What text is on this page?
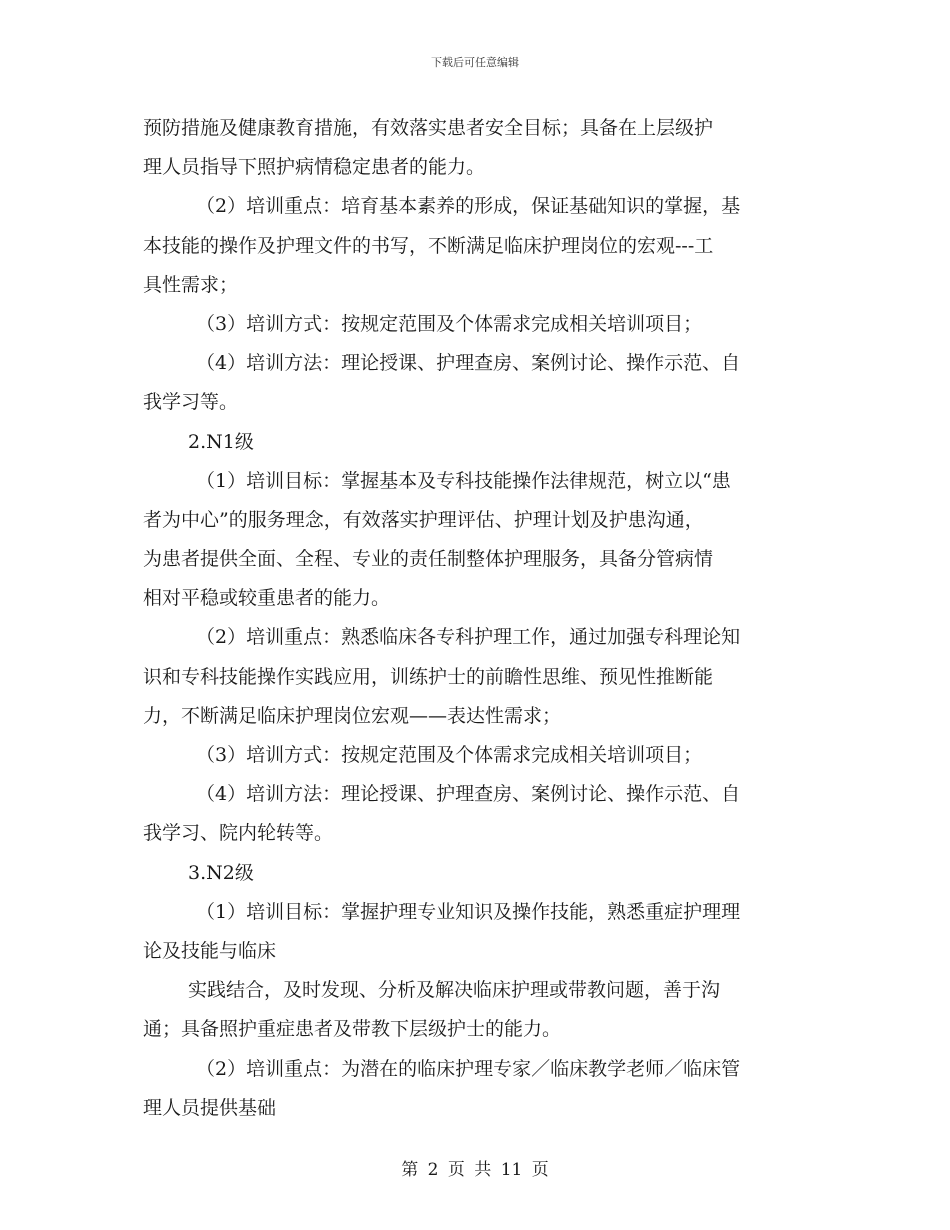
下载后可任意编辑
预防措施及健康教育措施，有效落实患者安全目标；具备在上层级护
理人员指导下照护病情稳定患者的能力。
（2）培训重点：培育基本素养的形成，保证基础知识的掌握，基
本技能的操作及护理文件的书写，不断满足临床护理岗位的宏观---工
具性需求；
（3）培训方式：按规定范围及个体需求完成相关培训项目；
（4）培训方法：理论授课、护理查房、案例讨论、操作示范、自
我学习等。
2.N1级
（1）培训目标：掌握基本及专科技能操作法律规范，树立以“患
者为中心”的服务理念，有效落实护理评估、护理计划及护患沟通，
为患者提供全面、全程、专业的责任制整体护理服务，具备分管病情
相对平稳或较重患者的能力。
（2）培训重点：熟悉临床各专科护理工作，通过加强专科理论知
识和专科技能操作实践应用，训练护士的前瞻性思维、预见性推断能
力，不断满足临床护理岗位宏观——表达性需求；
（3）培训方式：按规定范围及个体需求完成相关培训项目；
（4）培训方法：理论授课、护理查房、案例讨论、操作示范、自
我学习、院内轮转等。
3.N2级
（1）培训目标：掌握护理专业知识及操作技能，熟悉重症护理理
论及技能与临床
实践结合，及时发现、分析及解决临床护理或带教问题，善于沟
通；具备照护重症患者及带教下层级护士的能力。
（2）培训重点：为潜在的临床护理专家／临床教学老师／临床管
理人员提供基础
第 2 页 共 11 页
